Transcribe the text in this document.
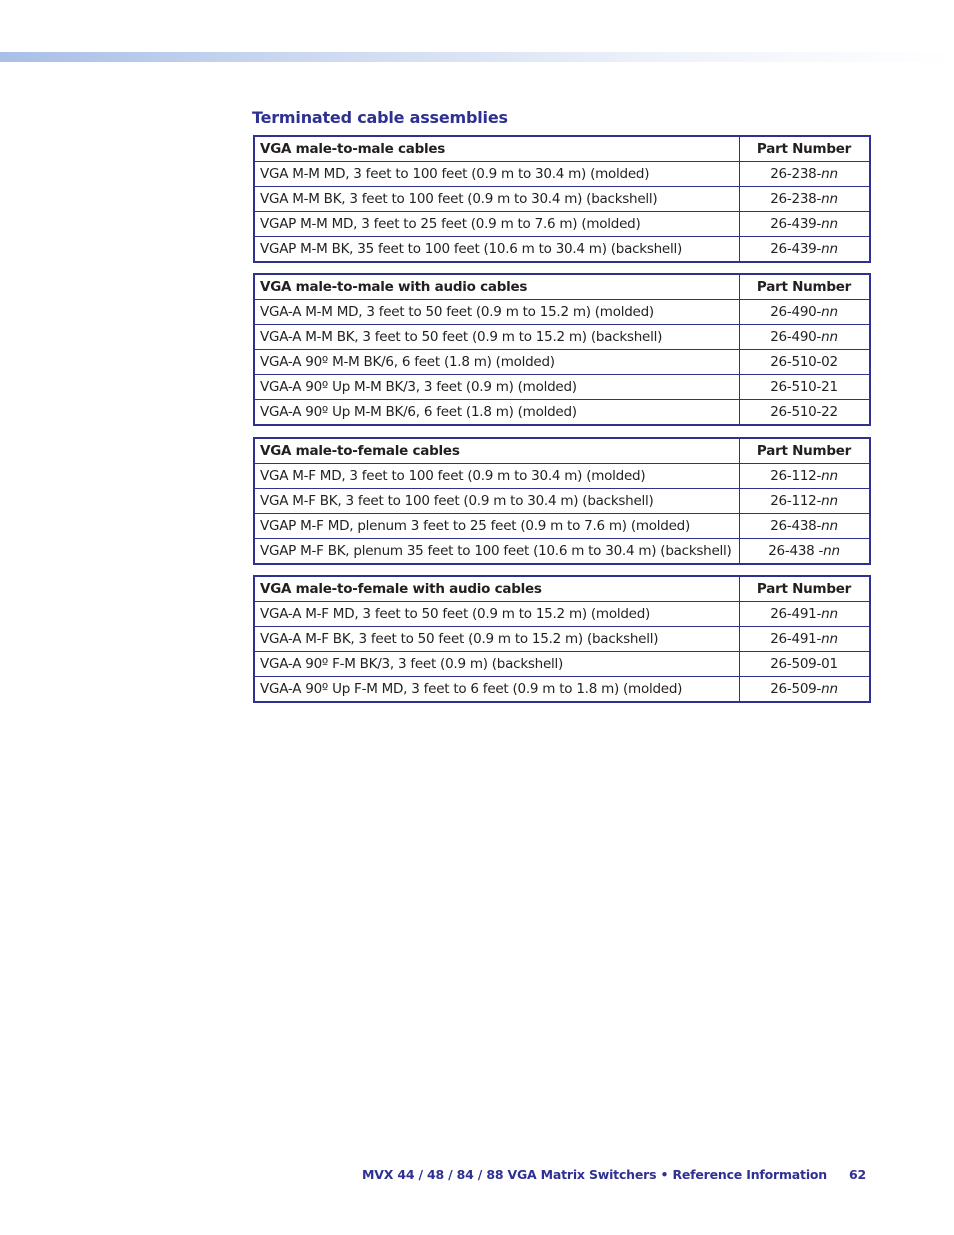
Terminated cable assemblies
VGA male-to-male cables	Part Number
VGA M-M MD, 3 feet to 100 feet (0.9 m to 30.4 m) (molded)	26-238-nn
VGA M-M BK, 3 feet to 100 feet (0.9 m to 30.4 m) (backshell)	26-238-nn
VGAP M-M MD, 3 feet to 25 feet (0.9 m to 7.6 m) (molded)	26-439-nn
VGAP M-M BK, 35 feet to 100 feet (10.6 m to 30.4 m) (backshell)	26-439-nn
VGA male-to-male with audio cables	Part Number
VGA-A M-M MD, 3 feet to 50 feet (0.9 m to 15.2 m) (molded)	26-490-nn
VGA-A M-M BK, 3 feet to 50 feet (0.9 m to 15.2 m) (backshell)	26-490-nn
VGA-A 90º M-M BK/6, 6 feet (1.8 m) (molded)	26-510-02
VGA-A 90º Up M-M BK/3, 3 feet (0.9 m) (molded)	26-510-21
VGA-A 90º Up M-M BK/6, 6 feet (1.8 m) (molded)	26-510-22
VGA male-to-female cables	Part Number
VGA M-F MD, 3 feet to 100 feet (0.9 m to 30.4 m) (molded)	26-112-nn
VGA M-F BK, 3 feet to 100 feet (0.9 m to 30.4 m) (backshell)	26-112-nn
VGAP M-F MD, plenum 3 feet to 25 feet (0.9 m to 7.6 m) (molded)	26-438-nn
VGAP M-F BK, plenum 35 feet to 100 feet (10.6 m to 30.4 m) (backshell)	26-438 -nn
VGA male-to-female with audio cables	Part Number
VGA-A M-F MD, 3 feet to 50 feet (0.9 m to 15.2 m) (molded)	26-491-nn
VGA-A M-F BK, 3 feet to 50 feet (0.9 m to 15.2 m) (backshell)	26-491-nn
VGA-A 90º F-M BK/3, 3 feet (0.9 m) (backshell)	26-509-01
VGA-A 90º Up F-M MD, 3 feet to 6 feet (0.9 m to 1.8 m) (molded)	26-509-nn
MVX 44 / 48 / 84 / 88 VGA Matrix Switchers • Reference Information 62
